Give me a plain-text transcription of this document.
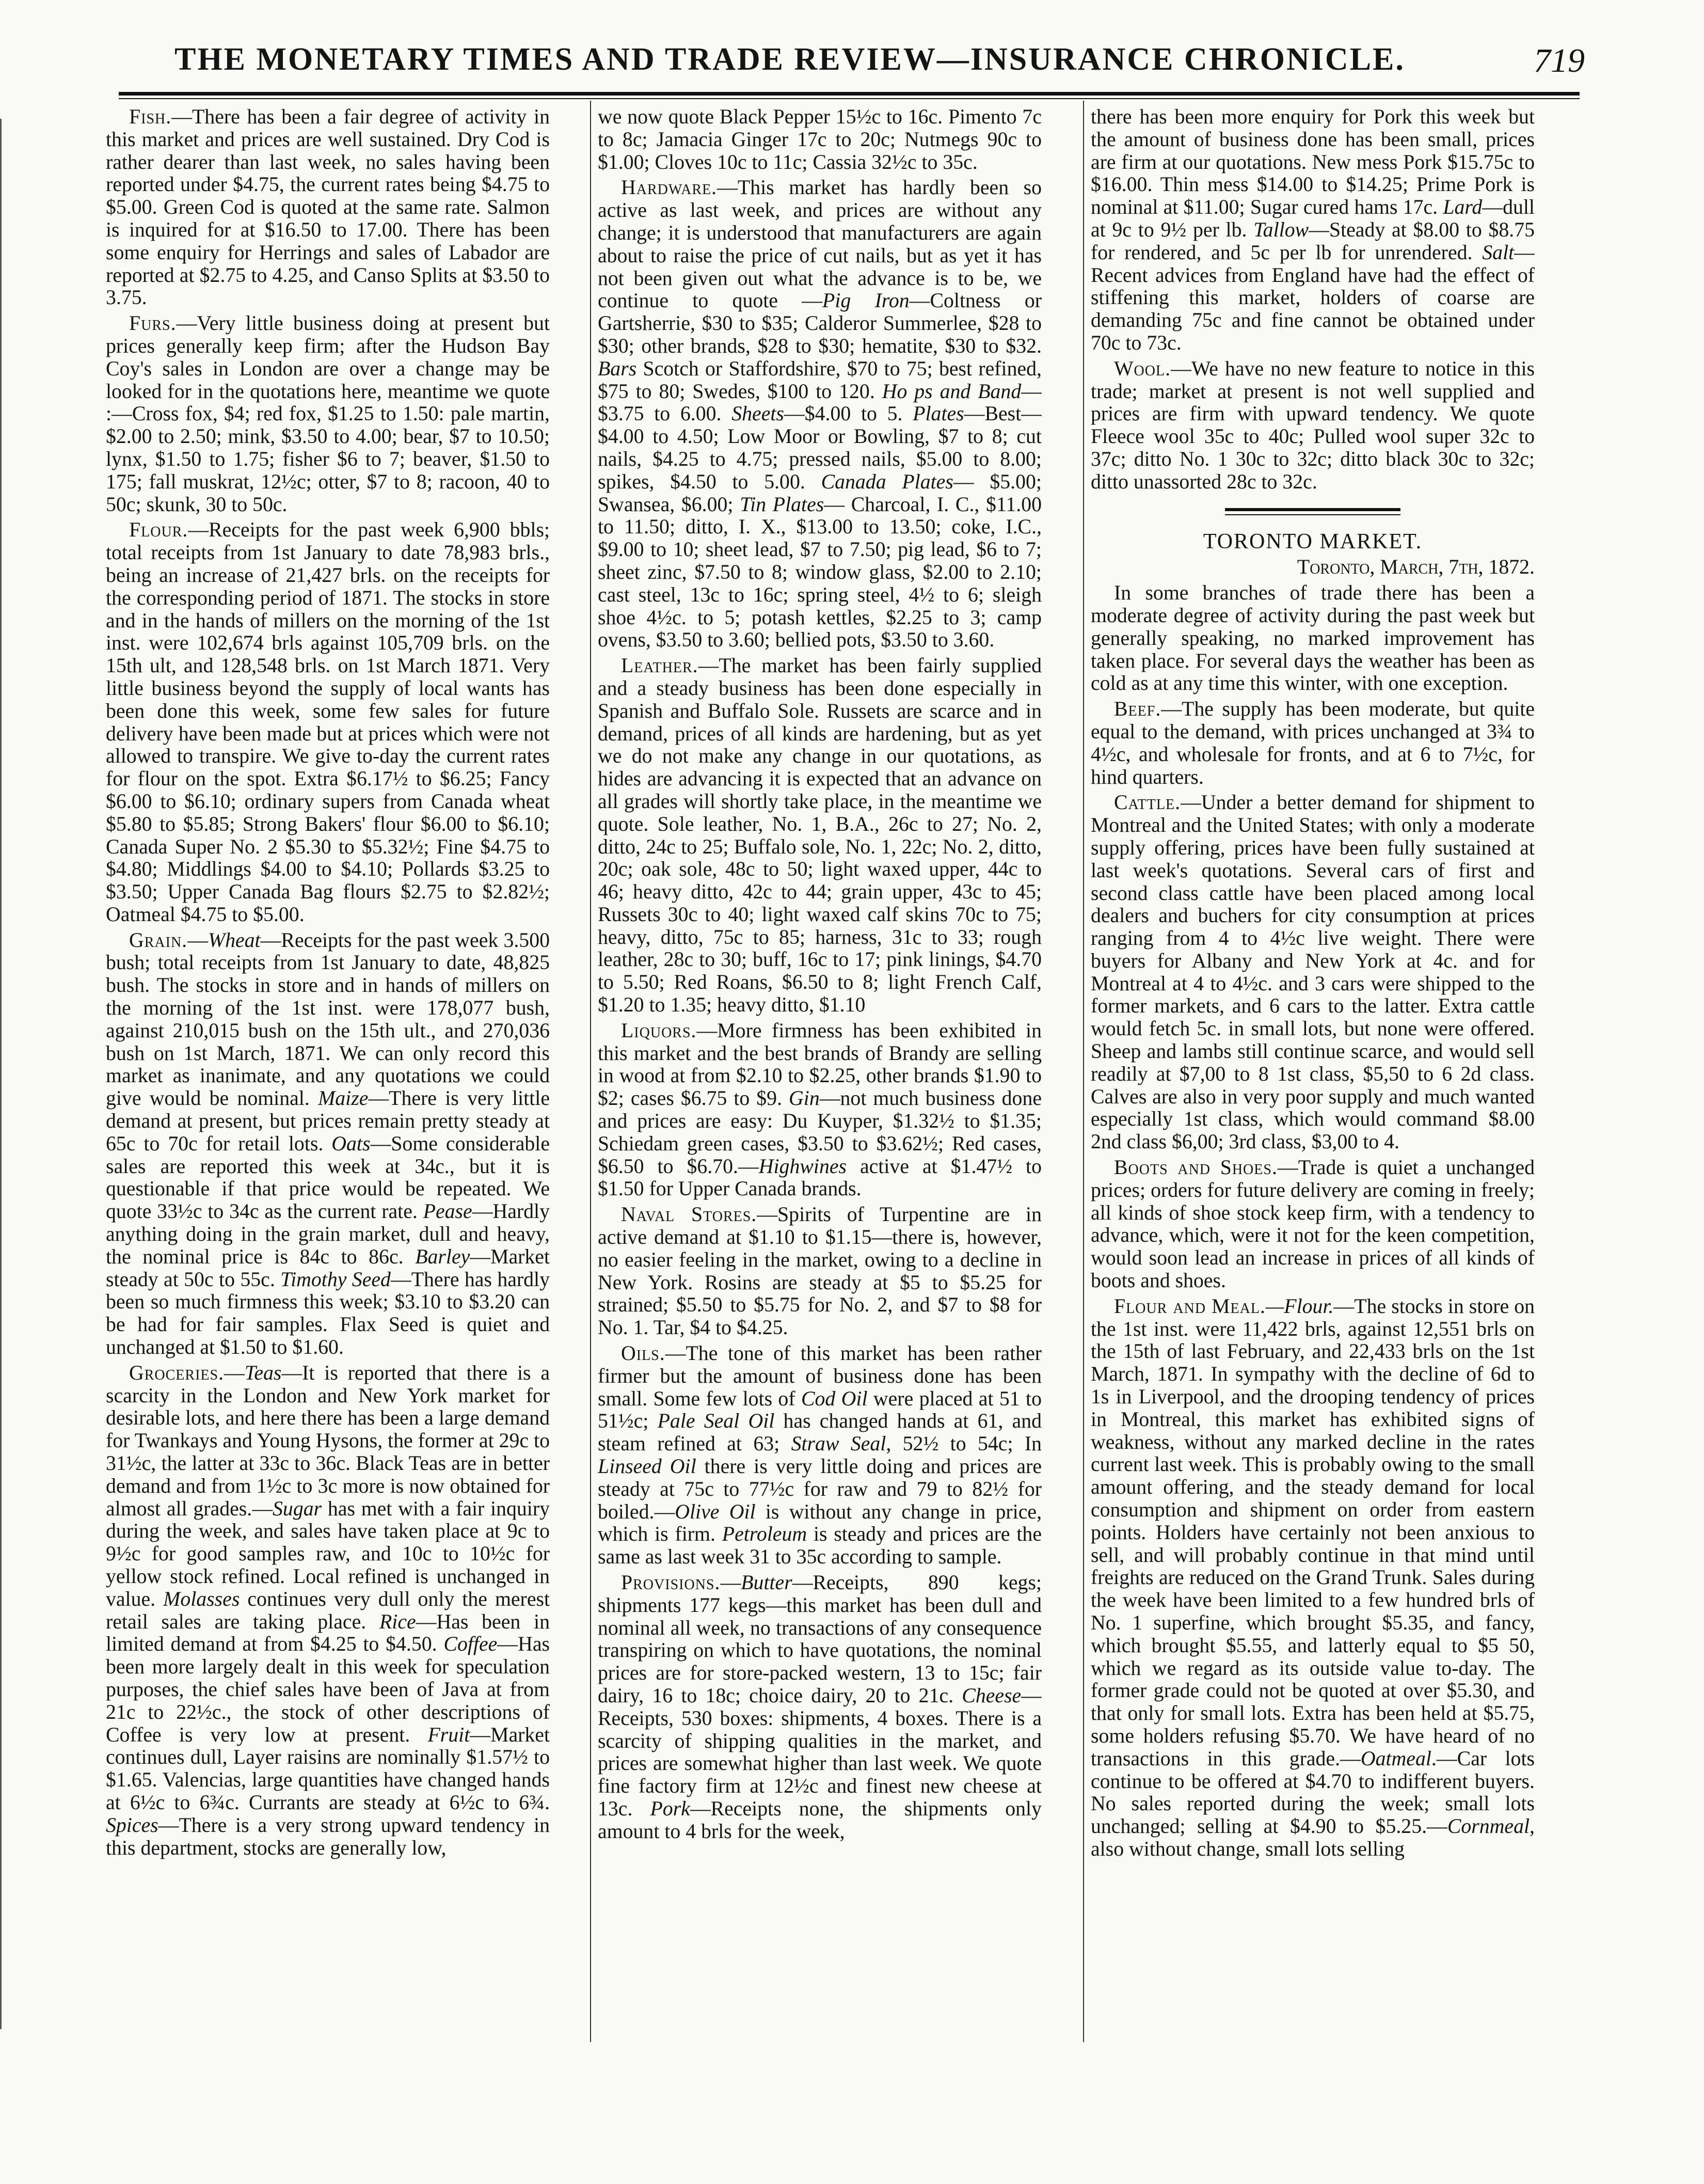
THE MONETARY TIMES AND TRADE REVIEW—INSURANCE CHRONICLE.	719

Fish.—There has been a fair degree of activity in this market and prices are well sustained. Dry Cod is rather dearer than last week, no sales having been reported under $4.75, the current rates being $4.75 to $5.00. Green Cod is quoted at the same rate. Salmon is inquired for at $16.50 to 17.00. There has been some enquiry for Herrings and sales of Labador are reported at $2.75 to 4.25, and Canso Splits at $3.50 to 3.75.

Furs.—Very little business doing at present but prices generally keep firm; after the Hudson Bay Coy's sales in London are over a change may be looked for in the quotations here, meantime we quote :—Cross fox, $4; red fox, $1.25 to 1.50: pale martin, $2.00 to 2.50; mink, $3.50 to 4.00; bear, $7 to 10.50; lynx, $1.50 to 1.75; fisher $6 to 7; beaver, $1.50 to 175; fall muskrat, 12½c; otter, $7 to 8; racoon, 40 to 50c; skunk, 30 to 50c.

Flour.—Receipts for the past week 6,900 bbls; total receipts from 1st January to date 78,983 brls., being an increase of 21,427 brls. on the receipts for the corresponding period of 1871. The stocks in store and in the hands of millers on the morning of the 1st inst. were 102,674 brls against 105,709 brls. on the 15th ult, and 128,548 brls. on 1st March 1871. Very little business beyond the supply of local wants has been done this week, some few sales for future delivery have been made but at prices which were not allowed to transpire. We give to-day the current rates for flour on the spot. Extra $6.17½ to $6.25; Fancy $6.00 to $6.10; ordinary supers from Canada wheat $5.80 to $5.85; Strong Bakers' flour $6.00 to $6.10; Canada Super No. 2 $5.30 to $5.32½; Fine $4.75 to $4.80; Middlings $4.00 to $4.10; Pollards $3.25 to $3.50; Upper Canada Bag flours $2.75 to $2.82½; Oatmeal $4.75 to $5.00.

Grain.—Wheat—Receipts for the past week 3.500 bush; total receipts from 1st January to date, 48,825 bush. The stocks in store and in hands of millers on the morning of the 1st inst. were 178,077 bush, against 210,015 bush on the 15th ult., and 270,036 bush on 1st March, 1871. We can only record this market as inanimate, and any quotations we could give would be nominal. Maize—There is very little demand at present, but prices remain pretty steady at 65c to 70c for retail lots. Oats—Some considerable sales are reported this week at 34c., but it is questionable if that price would be repeated. We quote 33½c to 34c as the current rate. Pease—Hardly anything doing in the grain market, dull and heavy, the nominal price is 84c to 86c. Barley—Market steady at 50c to 55c. Timothy Seed—There has hardly been so much firmness this week; $3.10 to $3.20 can be had for fair samples. Flax Seed is quiet and unchanged at $1.50 to $1.60.

Groceries.—Teas—It is reported that there is a scarcity in the London and New York market for desirable lots, and here there has been a large demand for Twankays and Young Hysons, the former at 29c to 31½c, the latter at 33c to 36c. Black Teas are in better demand and from 1½c to 3c more is now obtained for almost all grades.—Sugar has met with a fair inquiry during the week, and sales have taken place at 9c to 9½c for good samples raw, and 10c to 10½c for yellow stock refined. Local refined is unchanged in value. Molasses continues very dull only the merest retail sales are taking place. Rice—Has been in limited demand at from $4.25 to $4.50. Coffee—Has been more largely dealt in this week for speculation purposes, the chief sales have been of Java at from 21c to 22½c., the stock of other descriptions of Coffee is very low at present. Fruit—Market continues dull, Layer raisins are nominally $1.57½ to $1.65. Valencias, large quantities have changed hands at 6½c to 6¾c. Currants are steady at 6½c to 6¾. Spices—There is a very strong upward tendency in this department, stocks are generally low,

we now quote Black Pepper 15½c to 16c. Pimento 7c to 8c; Jamacia Ginger 17c to 20c; Nutmegs 90c to $1.00; Cloves 10c to 11c; Cassia 32½c to 35c.

Hardware.—This market has hardly been so active as last week, and prices are without any change; it is understood that manufacturers are again about to raise the price of cut nails, but as yet it has not been given out what the advance is to be, we continue to quote —Pig Iron—Coltness or Gartsherrie, $30 to $35; Calderor Summerlee, $28 to $30; other brands, $28 to $30; hematite, $30 to $32. Bars Scotch or Staffordshire, $70 to 75; best refined, $75 to 80; Swedes, $100 to 120. Ho ps and Band—$3.75 to 6.00. Sheets—$4.00 to 5. Plates—Best—$4.00 to 4.50; Low Moor or Bowling, $7 to 8; cut nails, $4.25 to 4.75; pressed nails, $5.00 to 8.00; spikes, $4.50 to 5.00. Canada Plates— $5.00; Swansea, $6.00; Tin Plates— Charcoal, I. C., $11.00 to 11.50; ditto, I. X., $13.00 to 13.50; coke, I.C., $9.00 to 10; sheet lead, $7 to 7.50; pig lead, $6 to 7; sheet zinc, $7.50 to 8; window glass, $2.00 to 2.10; cast steel, 13c to 16c; spring steel, 4½ to 6; sleigh shoe 4½c. to 5; potash kettles, $2.25 to 3; camp ovens, $3.50 to 3.60; bellied pots, $3.50 to 3.60.

Leather.—The market has been fairly supplied and a steady business has been done especially in Spanish and Buffalo Sole. Russets are scarce and in demand, prices of all kinds are hardening, but as yet we do not make any change in our quotations, as hides are advancing it is expected that an advance on all grades will shortly take place, in the meantime we quote. Sole leather, No. 1, B.A., 26c to 27; No. 2, ditto, 24c to 25; Buffalo sole, No. 1, 22c; No. 2, ditto, 20c; oak sole, 48c to 50; light waxed upper, 44c to 46; heavy ditto, 42c to 44; grain upper, 43c to 45; Russets 30c to 40; light waxed calf skins 70c to 75; heavy, ditto, 75c to 85; harness, 31c to 33; rough leather, 28c to 30; buff, 16c to 17; pink linings, $4.70 to 5.50; Red Roans, $6.50 to 8; light French Calf, $1.20 to 1.35; heavy ditto, $1.10

Liquors.—More firmness has been exhibited in this market and the best brands of Brandy are selling in wood at from $2.10 to $2.25, other brands $1.90 to $2; cases $6.75 to $9. Gin—not much business done and prices are easy: Du Kuyper, $1.32½ to $1.35; Schiedam green cases, $3.50 to $3.62½; Red cases, $6.50 to $6.70.—Highwines active at $1.47½ to $1.50 for Upper Canada brands.

Naval Stores.—Spirits of Turpentine are in active demand at $1.10 to $1.15—there is, however, no easier feeling in the market, owing to a decline in New York. Rosins are steady at $5 to $5.25 for strained; $5.50 to $5.75 for No. 2, and $7 to $8 for No. 1. Tar, $4 to $4.25.

Oils.—The tone of this market has been rather firmer but the amount of business done has been small. Some few lots of Cod Oil were placed at 51 to 51½c; Pale Seal Oil has changed hands at 61, and steam refined at 63; Straw Seal, 52½ to 54c; In Linseed Oil there is very little doing and prices are steady at 75c to 77½c for raw and 79 to 82½ for boiled.—Olive Oil is without any change in price, which is firm. Petroleum is steady and prices are the same as last week 31 to 35c according to sample.

Provisions.—Butter—Receipts, 890 kegs; shipments 177 kegs—this market has been dull and nominal all week, no transactions of any consequence transpiring on which to have quotations, the nominal prices are for store-packed western, 13 to 15c; fair dairy, 16 to 18c; choice dairy, 20 to 21c. Cheese—Receipts, 530 boxes: shipments, 4 boxes. There is a scarcity of shipping qualities in the market, and prices are somewhat higher than last week. We quote fine factory firm at 12½c and finest new cheese at 13c. Pork—Receipts none, the shipments only amount to 4 brls for the week,

there has been more enquiry for Pork this week but the amount of business done has been small, prices are firm at our quotations. New mess Pork $15.75c to $16.00. Thin mess $14.00 to $14.25; Prime Pork is nominal at $11.00; Sugar cured hams 17c. Lard—dull at 9c to 9½ per lb. Tallow—Steady at $8.00 to $8.75 for rendered, and 5c per lb for unrendered. Salt—Recent advices from England have had the effect of stiffening this market, holders of coarse are demanding 75c and fine cannot be obtained under 70c to 73c.

Wool.—We have no new feature to notice in this trade; market at present is not well supplied and prices are firm with upward tendency. We quote Fleece wool 35c to 40c; Pulled wool super 32c to 37c; ditto No. 1 30c to 32c; ditto black 30c to 32c; ditto unassorted 28c to 32c.

TORONTO MARKET.

Toronto, March, 7th, 1872.

In some branches of trade there has been a moderate degree of activity during the past week but generally speaking, no marked improvement has taken place. For several days the weather has been as cold as at any time this winter, with one exception.

Beef.—The supply has been moderate, but quite equal to the demand, with prices unchanged at 3¾ to 4½c, and wholesale for fronts, and at 6 to 7½c, for hind quarters.

Cattle.—Under a better demand for shipment to Montreal and the United States; with only a moderate supply offering, prices have been fully sustained at last week's quotations. Several cars of first and second class cattle have been placed among local dealers and buchers for city consumption at prices ranging from 4 to 4½c live weight. There were buyers for Albany and New York at 4c. and for Montreal at 4 to 4½c. and 3 cars were shipped to the former markets, and 6 cars to the latter. Extra cattle would fetch 5c. in small lots, but none were offered. Sheep and lambs still continue scarce, and would sell readily at $7,00 to 8 1st class, $5,50 to 6 2d class. Calves are also in very poor supply and much wanted especially 1st class, which would command $8.00 2nd class $6,00; 3rd class, $3,00 to 4.

Boots and Shoes.—Trade is quiet a unchanged prices; orders for future delivery are coming in freely; all kinds of shoe stock keep firm, with a tendency to advance, which, were it not for the keen competition, would soon lead an increase in prices of all kinds of boots and shoes.

Flour and Meal.—Flour.—The stocks in store on the 1st inst. were 11,422 brls, against 12,551 brls on the 15th of last February, and 22,433 brls on the 1st March, 1871. In sympathy with the decline of 6d to 1s in Liverpool, and the drooping tendency of prices in Montreal, this market has exhibited signs of weakness, without any marked decline in the rates current last week. This is probably owing to the small amount offering, and the steady demand for local consumption and shipment on order from eastern points. Holders have certainly not been anxious to sell, and will probably continue in that mind until freights are reduced on the Grand Trunk. Sales during the week have been limited to a few hundred brls of No. 1 superfine, which brought $5.35, and fancy, which brought $5.55, and latterly equal to $5 50, which we regard as its outside value to-day. The former grade could not be quoted at over $5.30, and that only for small lots. Extra has been held at $5.75, some holders refusing $5.70. We have heard of no transactions in this grade.—Oatmeal.—Car lots continue to be offered at $4.70 to indifferent buyers. No sales reported during the week; small lots unchanged; selling at $4.90 to $5.25.—Cornmeal, also without change, small lots selling
